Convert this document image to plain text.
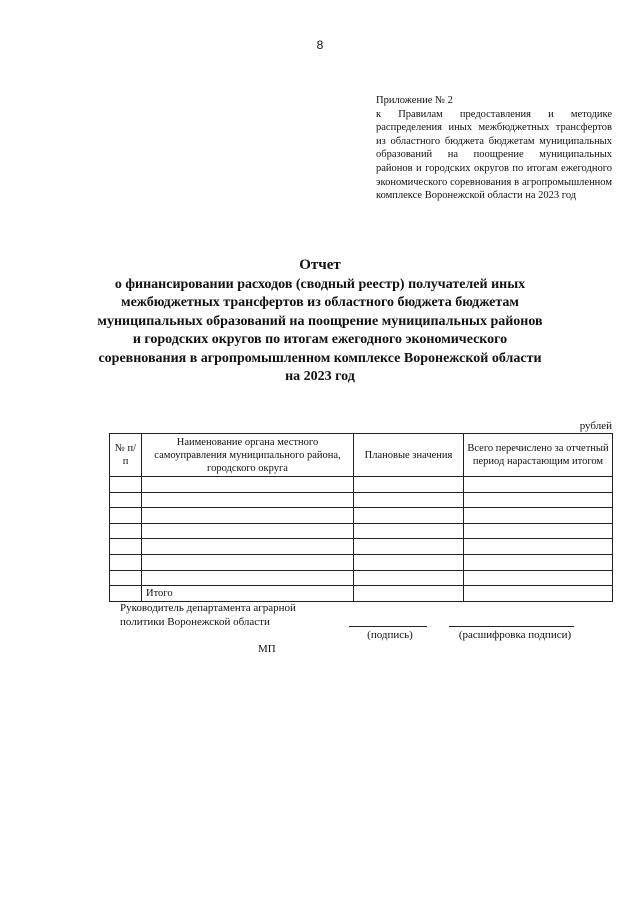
8
Приложение № 2
к Правилам предоставления и методике распределения иных межбюджетных трансфертов из областного бюджета бюджетам муниципальных образований на поощрение муниципальных районов и городских округов по итогам ежегодного экономического соревнования в агропромышленном комплексе Воронежской области на 2023 год
Отчет
о финансировании расходов (сводный реестр) получателей иных межбюджетных трансфертов из областного бюджета бюджетам муниципальных образований на поощрение муниципальных районов и городских округов по итогам ежегодного экономического соревнования в агропромышленном комплексе Воронежской области на 2023 год
рублей
№ п/п	Наименование органа местного самоуправления муниципального района, городского округа	Плановые значения	Всего перечислено за отчетный период нарастающим итогом

	Итого		
Руководитель департамента аграрной политики Воронежской области
(подпись)	(расшифровка подписи)
МП
